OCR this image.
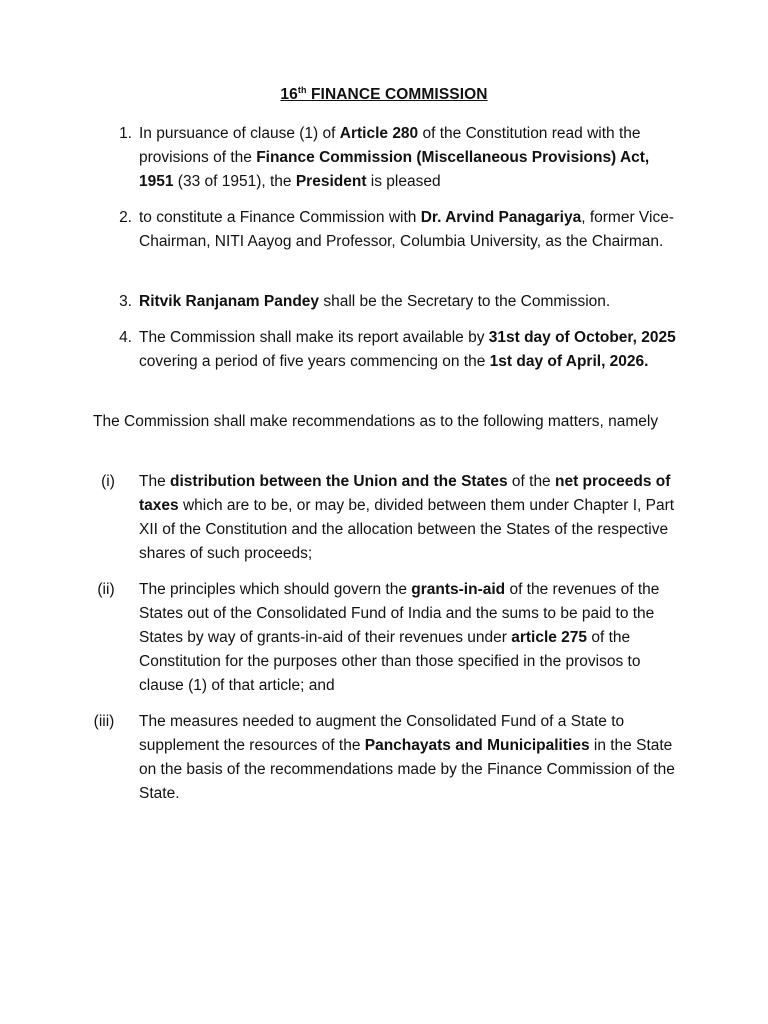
16th FINANCE COMMISSION
1. In pursuance of clause (1) of Article 280 of the Constitution read with the provisions of the Finance Commission (Miscellaneous Provisions) Act, 1951 (33 of 1951), the President is pleased

2. to constitute a Finance Commission with Dr. Arvind Panagariya, former Vice-Chairman, NITI Aayog and Professor, Columbia University, as the Chairman.

3. Ritvik Ranjanam Pandey shall be the Secretary to the Commission.

4. The Commission shall make its report available by 31st day of October, 2025 covering a period of five years commencing on the 1st day of April, 2026.

The Commission shall make recommendations as to the following matters, namely

(i)	The distribution between the Union and the States of the net proceeds of taxes which are to be, or may be, divided between them under Chapter I, Part XII of the Constitution and the allocation between the States of the respective shares of such proceeds;

(ii)	The principles which should govern the grants-in-aid of the revenues of the States out of the Consolidated Fund of India and the sums to be paid to the States by way of grants-in-aid of their revenues under article 275 of the Constitution for the purposes other than those specified in the provisos to clause (1) of that article; and

(iii)	The measures needed to augment the Consolidated Fund of a State to supplement the resources of the Panchayats and Municipalities in the State on the basis of the recommendations made by the Finance Commission of the State.
